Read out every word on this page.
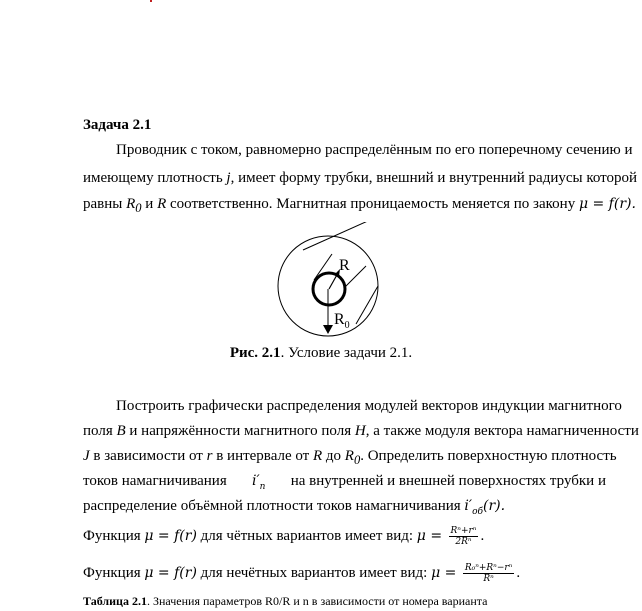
Задача 2.1
Проводник с током, равномерно распределённым по его поперечному сечению и
имеющему плотность j, имеет форму трубки, внешний и внутренний радиусы которой
равны $R_0$ и R соответственно. Магнитная проницаемость меняется по закону μ = f(r).
R
$R_0$
Рис. 2.1. Условие задачи 2.1.
Построить графически распределения модулей векторов индукции магнитного
поля B и напряжённости магнитного поля H, а также модуля вектора намагниченности
J в зависимости от r в интервале от R до $R_0$. Определить поверхностную плотность
токов намагничивания $i'_п$ на внутренней и внешней поверхностях трубки и
распределение объёмной плотности токов намагничивания $i'_{об}(r)$.
Функция μ = f(r) для чётных вариантов имеет вид: $\mu = \frac{\text{Rⁿ+rⁿ}}{\text{2Rⁿ}}$ .
Функция μ = f(r) для нечётных вариантов имеет вид: $\mu = \frac{\text{R₀ⁿ+Rⁿ−rⁿ}}{\text{Rⁿ}}$ .
Таблица 2.1. Значения параметров R0/R и n в зависимости от номера варианта
